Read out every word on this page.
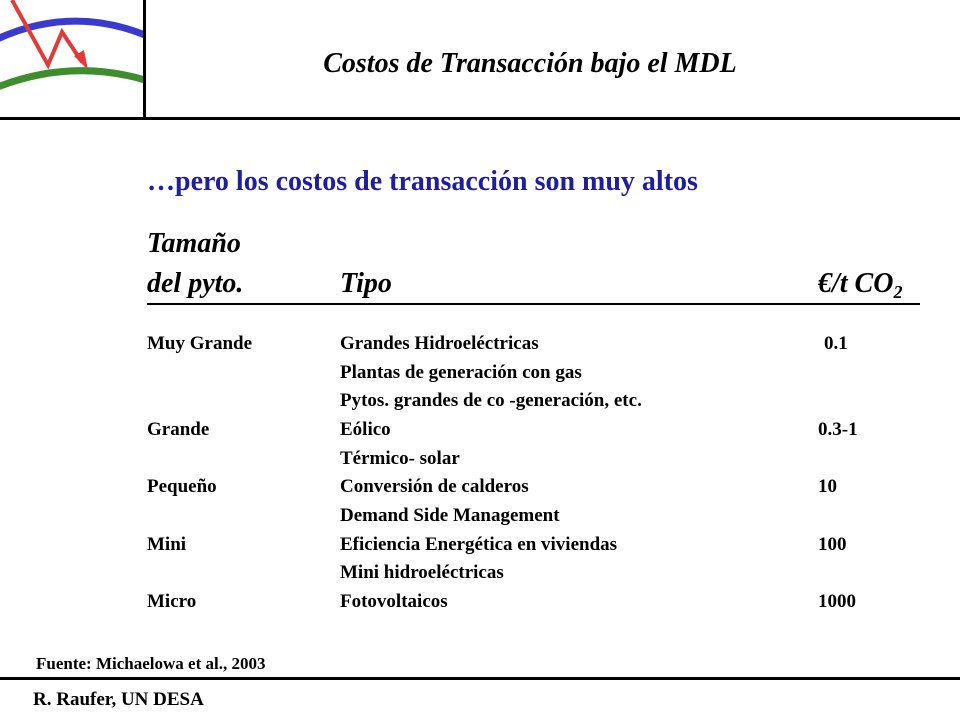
Costos de Transacción bajo el MDL
…pero los costos de transacción son muy altos
Tamaño
del pyto.	Tipo	€/t $CO_2$
Muy Grande	Grandes Hidroeléctricas	0.1
Plantas de generación con gas
Pytos. grandes de co -generación, etc.
Grande	Eólico	0.3-1
Térmico- solar
Pequeño	Conversión de calderos	10
Demand Side Management
Mini	Eficiencia Energética en viviendas	100
Mini hidroeléctricas
Micro	Fotovoltaicos	1000
Fuente: Michaelowa et al., 2003
R. Raufer, UN DESA
